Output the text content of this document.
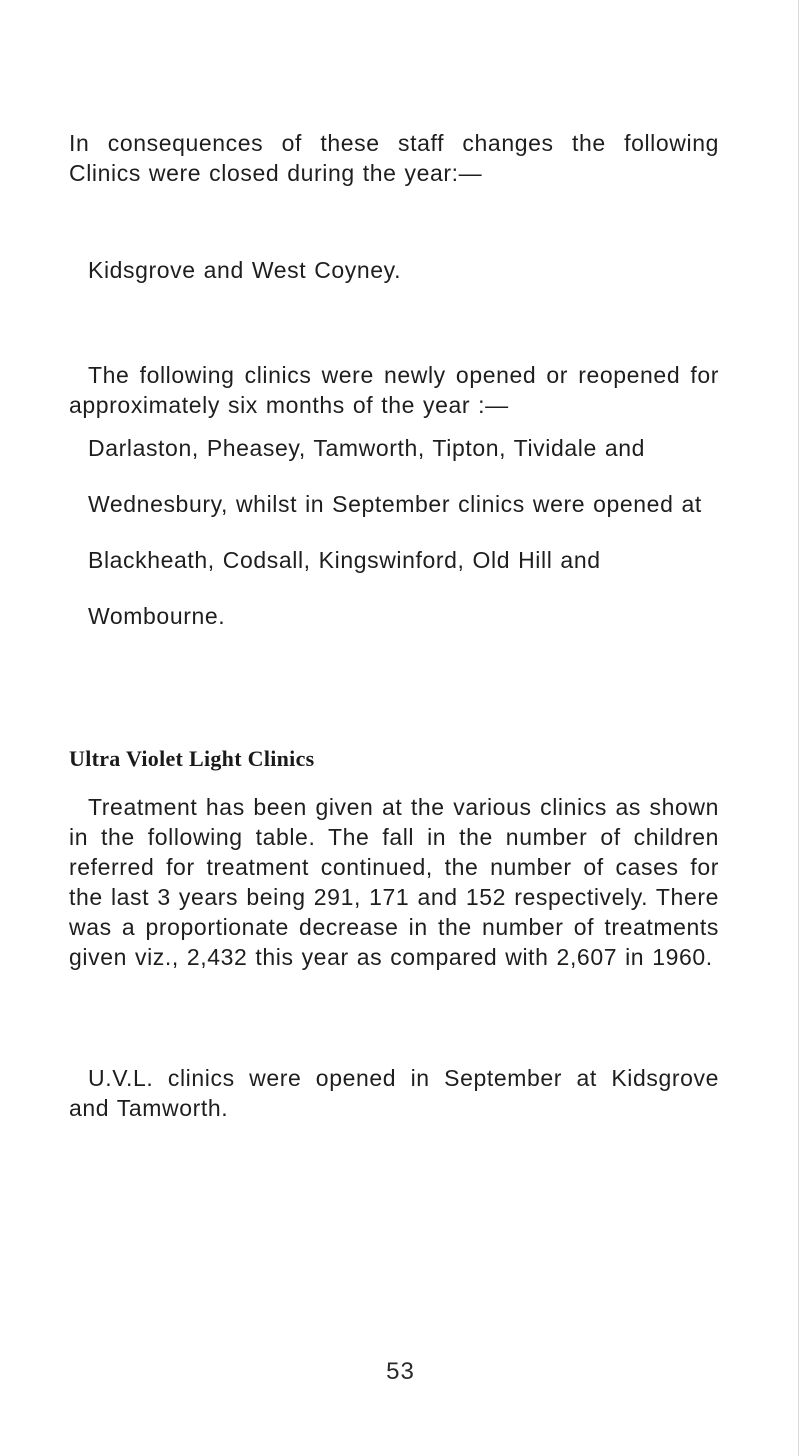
In consequences of these staff changes the following Clinics were closed during the year:—

Kidsgrove and West Coyney.

The following clinics were newly opened or reopened for approximately six months of the year :—

Darlaston, Pheasey, Tamworth, Tipton, Tividale and Wednesbury, whilst in September clinics were opened at Blackheath, Codsall, Kingswinford, Old Hill and Wombourne.

Ultra Violet Light Clinics

Treatment has been given at the various clinics as shown in the following table. The fall in the number of children referred for treatment continued, the number of cases for the last 3 years being 291, 171 and 152 respectively. There was a proportionate decrease in the number of treatments given viz., 2,432 this year as compared with 2,607 in 1960.

U.V.L. clinics were opened in September at Kidsgrove and Tamworth.

53
